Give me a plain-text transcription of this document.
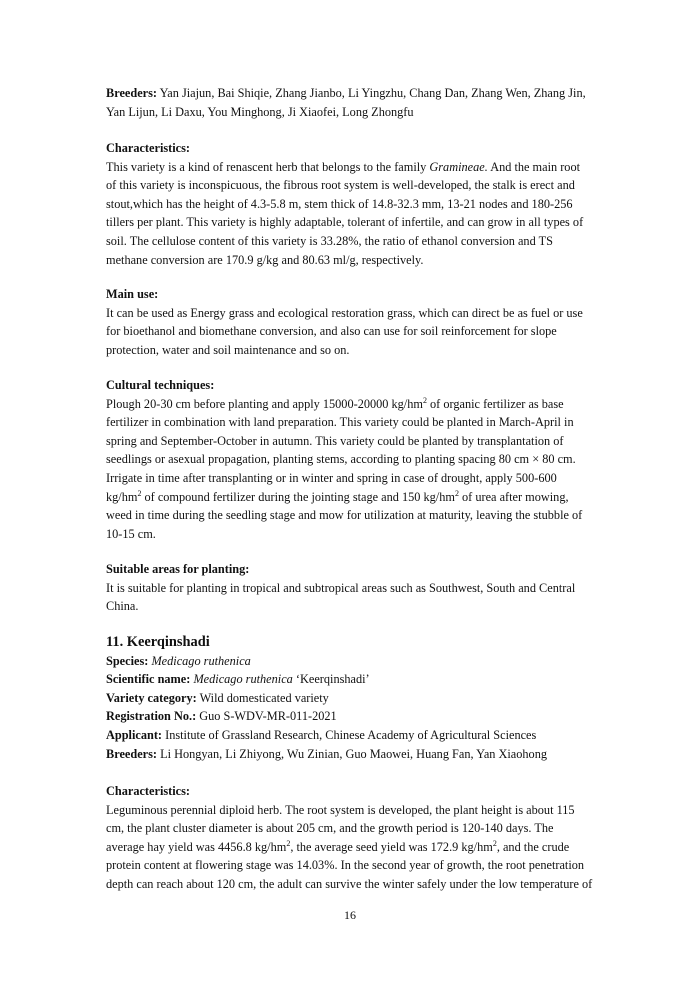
Breeders: Yan Jiajun, Bai Shiqie, Zhang Jianbo, Li Yingzhu, Chang Dan, Zhang Wen, Zhang Jin,
Yan Lijun, Li Daxu, You Minghong, Ji Xiaofei, Long Zhongfu

Characteristics:

This variety is a kind of renascent herb that belongs to the family Gramineae. And the main root
of this variety is inconspicuous, the fibrous root system is well-developed, the stalk is erect and
stout,which has the height of 4.3-5.8 m, stem thick of 14.8-32.3 mm, 13-21 nodes and 180-256
tillers per plant. This variety is highly adaptable, tolerant of infertile, and can grow in all types of
soil. The cellulose content of this variety is 33.28%, the ratio of ethanol conversion and TS
methane conversion are 170.9 g/kg and 80.63 ml/g, respectively.

Main use:

It can be used as Energy grass and ecological restoration grass, which can direct be as fuel or use
for bioethanol and biomethane conversion, and also can use for soil reinforcement for slope
protection, water and soil maintenance and so on.

Cultural techniques:

Plough 20-30 cm before planting and apply 15000-20000 $kg/hm^2$ of organic fertilizer as base
fertilizer in combination with land preparation. This variety could be planted in March-April in
spring and September-October in autumn. This variety could be planted by transplantation of
seedlings or asexual propagation, planting stems, according to planting spacing 80 cm × 80 cm.
Irrigate in time after transplanting or in winter and spring in case of drought, apply 500-600
$kg/hm^2$ of compound fertilizer during the jointing stage and 150 $kg/hm^2$ of urea after mowing,
weed in time during the seedling stage and mow for utilization at maturity, leaving the stubble of
10-15 cm.

Suitable areas for planting:

It is suitable for planting in tropical and subtropical areas such as Southwest, South and Central
China.

11. Keerqinshadi

Species: Medicago ruthenica

Scientific name: Medicago ruthenica ‘Keerqinshadi’

Variety category: Wild domesticated variety

Registration No.: Guo S-WDV-MR-011-2021

Applicant: Institute of Grassland Research, Chinese Academy of Agricultural Sciences

Breeders: Li Hongyan, Li Zhiyong, Wu Zinian, Guo Maowei, Huang Fan, Yan Xiaohong

Characteristics:

Leguminous perennial diploid herb. The root system is developed, the plant height is about 115
cm, the plant cluster diameter is about 205 cm, and the growth period is 120-140 days. The
average hay yield was 4456.8 $kg/hm^2$, the average seed yield was 172.9 $kg/hm^2$, and the crude
protein content at flowering stage was 14.03%. In the second year of growth, the root penetration
depth can reach about 120 cm, the adult can survive the winter safely under the low temperature of

16
